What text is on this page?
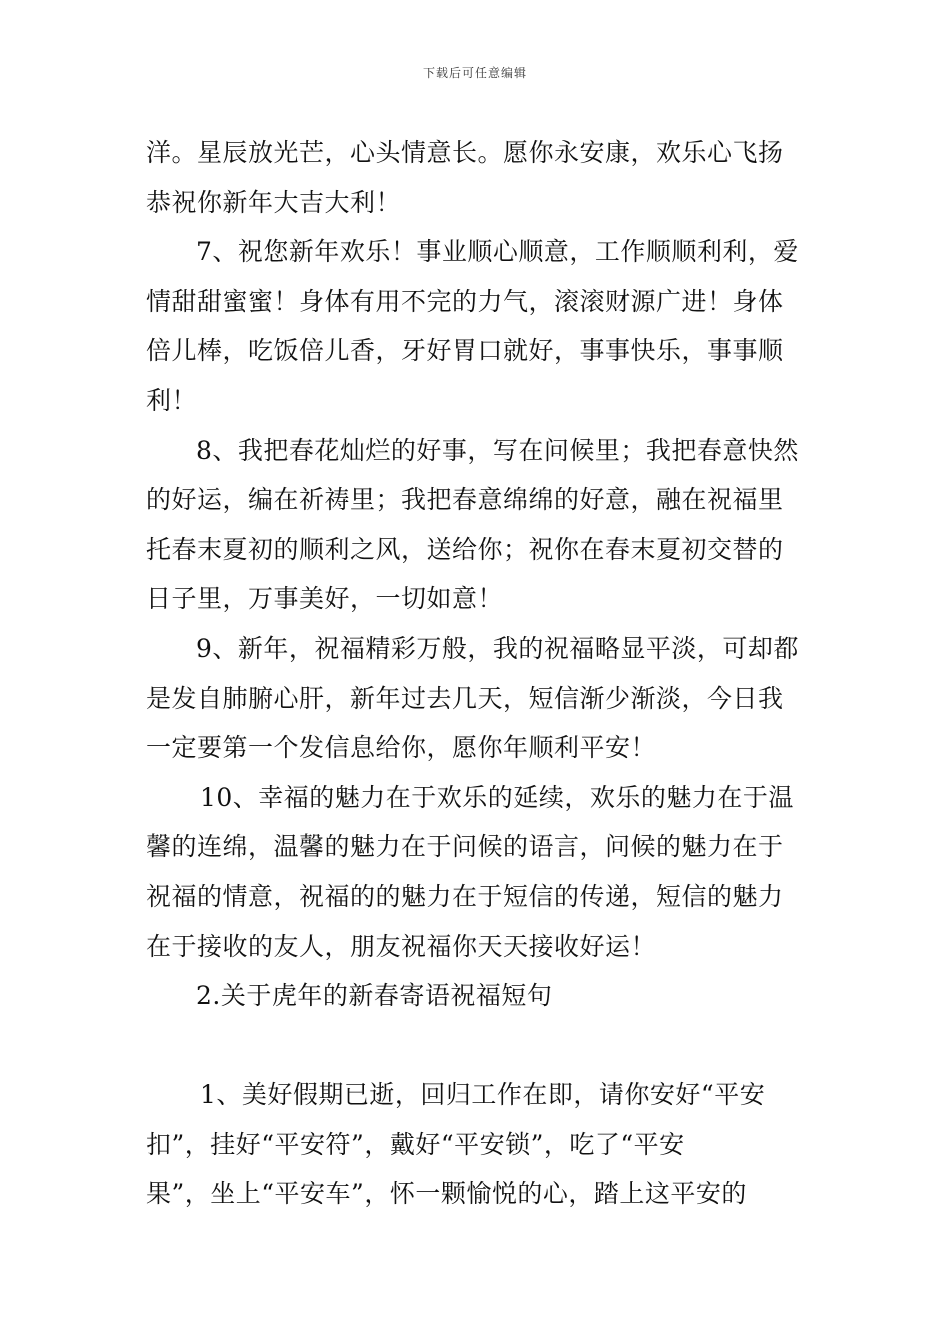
下载后可任意编辑
洋。星辰放光芒，心头情意长。愿你永安康，欢乐心飞扬
恭祝你新年大吉大利！
7、祝您新年欢乐！事业顺心顺意，工作顺顺利利，爱
情甜甜蜜蜜！身体有用不完的力气，滚滚财源广进！身体
倍儿棒，吃饭倍儿香，牙好胃口就好，事事快乐，事事顺
利！
8、我把春花灿烂的好事，写在问候里；我把春意快然
的好运，编在祈祷里；我把春意绵绵的好意，融在祝福里
托春末夏初的顺利之风，送给你；祝你在春末夏初交替的
日子里，万事美好，一切如意！
9、新年，祝福精彩万般，我的祝福略显平淡，可却都
是发自肺腑心肝，新年过去几天，短信渐少渐淡，今日我
一定要第一个发信息给你，愿你年顺利平安！
10、幸福的魅力在于欢乐的延续，欢乐的魅力在于温
馨的连绵，温馨的魅力在于问候的语言，问候的魅力在于
祝福的情意，祝福的的魅力在于短信的传递，短信的魅力
在于接收的友人，朋友祝福你天天接收好运！
2.关于虎年的新春寄语祝福短句
1、美好假期已逝，回归工作在即，请你安好“平安
扣”，挂好“平安符”，戴好“平安锁”，吃了“平安
果”，坐上“平安车”，怀一颗愉悦的心，踏上这平安的
